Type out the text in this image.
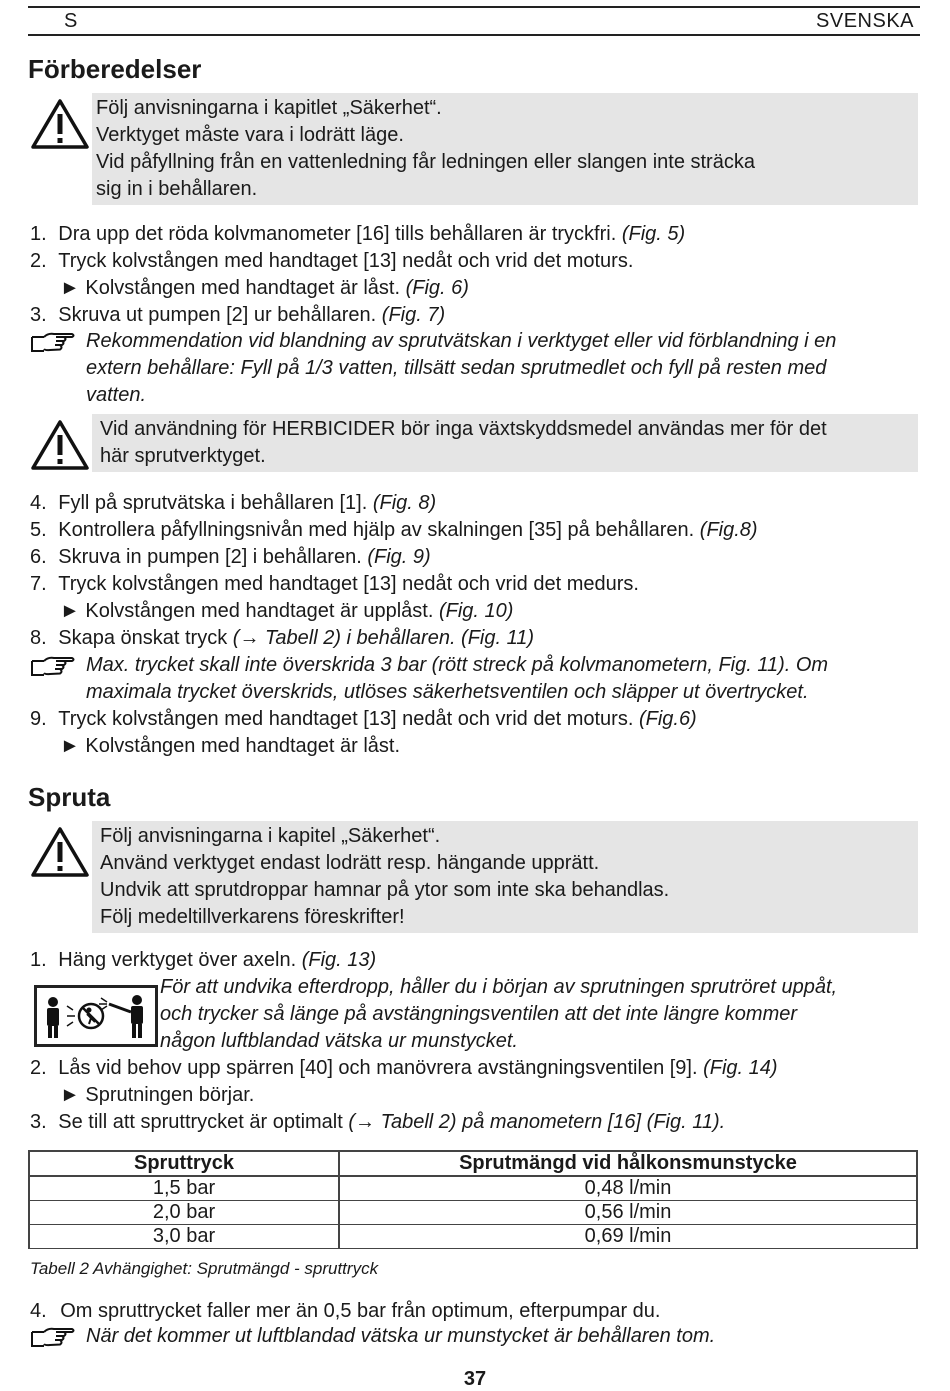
S	SVENSKA
Förberedelser
Följ anvisningarna i kapitlet „Säkerhet“.
Verktyget måste vara i lodrätt läge.
Vid påfyllning från en vattenledning får ledningen eller slangen inte sträcka
sig in i behållaren.
1. Dra upp det röda kolvmanometer [16] tills behållaren är tryckfri. (Fig. 5)
2. Tryck kolvstången med handtaget [13] nedåt och vrid det moturs.
► Kolvstången med handtaget är låst. (Fig. 6)
3. Skruva ut pumpen [2] ur behållaren. (Fig. 7)
Rekommendation vid blandning av sprutvätskan i verktyget eller vid förblandning i en
extern behållare: Fyll på 1/3 vatten, tillsätt sedan sprutmedlet och fyll på resten med
vatten.
Vid användning för HERBICIDER bör inga växtskyddsmedel användas mer för det
här sprutverktyget.
4. Fyll på sprutvätska i behållaren [1]. (Fig. 8)
5. Kontrollera påfyllningsnivån med hjälp av skalningen [35] på behållaren. (Fig.8)
6. Skruva in pumpen [2] i behållaren. (Fig. 9)
7. Tryck kolvstången med handtaget [13] nedåt och vrid det medurs.
► Kolvstången med handtaget är upplåst. (Fig. 10)
8. Skapa önskat tryck (→ Tabell 2) i behållaren. (Fig. 11)
Max. trycket skall inte överskrida 3 bar (rött streck på kolvmanometern, Fig. 11). Om
maximala trycket överskrids, utlöses säkerhetsventilen och släpper ut övertrycket.
9. Tryck kolvstången med handtaget [13] nedåt och vrid det moturs. (Fig.6)
► Kolvstången med handtaget är låst.
Spruta
Följ anvisningarna i kapitel „Säkerhet“.
Använd verktyget endast lodrätt resp. hängande upprätt.
Undvik att sprutdroppar hamnar på ytor som inte ska behandlas.
Följ medeltillverkarens föreskrifter!
1. Häng verktyget över axeln. (Fig. 13)
För att undvika efterdropp, håller du i början av sprutningen sprutröret uppåt,
och trycker så länge på avstängningsventilen att det inte längre kommer
någon luftblandad vätska ur munstycket.
2. Lås vid behov upp spärren [40] och manövrera avstängningsventilen [9]. (Fig. 14)
► Sprutningen börjar.
3. Se till att spruttrycket är optimalt (→ Tabell 2) på manometern [16] (Fig. 11).
Spruttryck	Sprutmängd vid hålkonsmunstycke
1,5 bar	0,48 l/min
2,0 bar	0,56 l/min
3,0 bar	0,69 l/min
Tabell 2 Avhängighet: Sprutmängd - spruttryck
4. Om spruttrycket faller mer än 0,5 bar från optimum, efterpumpar du.
När det kommer ut luftblandad vätska ur munstycket är behållaren tom.
37
